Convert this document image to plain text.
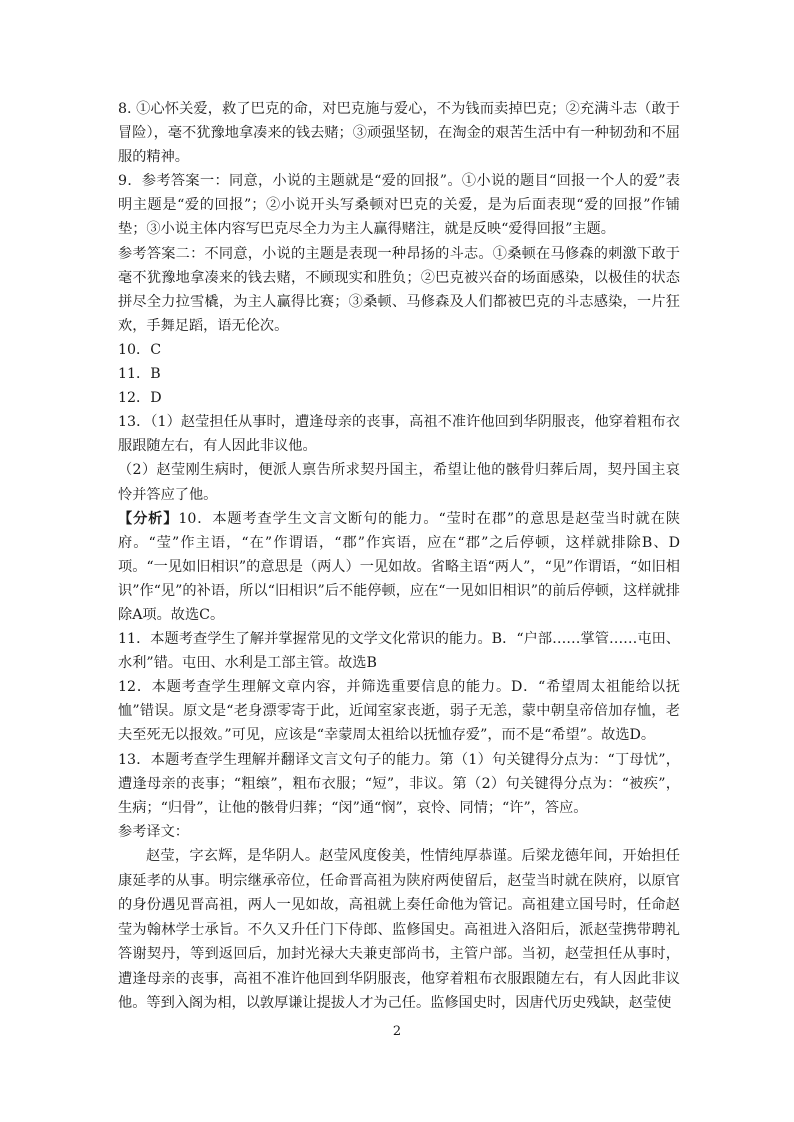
8. ①心怀关爱，救了巴克的命，对巴克施与爱心，不为钱而卖掉巴克；②充满斗志（敢于冒险），毫不犹豫地拿凑来的钱去赌；③顽强坚韧，在淘金的艰苦生活中有一种韧劲和不屈服的精神。

9．参考答案一：同意，小说的主题就是“爱的回报”。①小说的题目“回报一个人的爱”表明主题是“爱的回报”；②小说开头写桑顿对巴克的关爱，是为后面表现“爱的回报”作铺垫；③小说主体内容写巴克尽全力为主人赢得赌注，就是反映“爱得回报”主题。

参考答案二：不同意，小说的主题是表现一种昂扬的斗志。①桑顿在马修森的刺激下敢于毫不犹豫地拿凑来的钱去赌，不顾现实和胜负；②巴克被兴奋的场面感染，以极佳的状态拼尽全力拉雪橇，为主人赢得比赛；③桑顿、马修森及人们都被巴克的斗志感染，一片狂欢，手舞足蹈，语无伦次。

10．C

11．B

12．D

13．（1）赵莹担任从事时，遭逢母亲的丧事，高祖不准许他回到华阴服丧，他穿着粗布衣服跟随左右，有人因此非议他。

（2）赵莹刚生病时，便派人禀告所求契丹国主，希望让他的骸骨归葬后周，契丹国主哀怜并答应了他。

【分析】10．本题考查学生文言文断句的能力。“莹时在郡”的意思是赵莹当时就在陕府。“莹”作主语，“在”作谓语，“郡”作宾语，应在“郡”之后停顿，这样就排除B、D项。“一见如旧相识”的意思是（两人）一见如故。省略主语“两人”，“见”作谓语，“如旧相识”作“见”的补语，所以“旧相识”后不能停顿，应在“一见如旧相识”的前后停顿，这样就排除A项。故选C。

11．本题考查学生了解并掌握常见的文学文化常识的能力。B．“户部……掌管……屯田、水利”错。屯田、水利是工部主管。故选B

12．本题考查学生理解文章内容，并筛选重要信息的能力。D．“希望周太祖能给以抚恤”错误。原文是“老身漂零寄于此，近闻室家丧逝，弱子无恙，蒙中朝皇帝倍加存恤，老夫至死无以报效。”可见，应该是“幸蒙周太祖给以抚恤存爱”，而不是“希望”。故选D。

13．本题考查学生理解并翻译文言文句子的能力。第（1）句关键得分点为：“丁母忧”，遭逢母亲的丧事；“粗缞”，粗布衣服；“短”，非议。第（2）句关键得分点为：“被疾”，生病；“归骨”，让他的骸骨归葬；“闵”通“悯”，哀怜、同情；“许”，答应。

参考译文：

赵莹，字玄辉，是华阴人。赵莹风度俊美，性情纯厚恭谨。后梁龙德年间，开始担任康延孝的从事。明宗继承帝位，任命晋高祖为陕府两使留后，赵莹当时就在陕府，以原官的身份遇见晋高祖，两人一见如故，高祖就上奏任命他为管记。高祖建立国号时，任命赵莹为翰林学士承旨。不久又升任门下侍郎、监修国史。高祖进入洛阳后，派赵莹携带聘礼答谢契丹，等到返回后，加封光禄大夫兼吏部尚书，主管户部。当初，赵莹担任从事时，遭逢母亲的丧事，高祖不准许他回到华阴服丧，他穿着粗布衣服跟随左右，有人因此非议他。等到入阁为相，以敦厚谦让提拔人才为己任。监修国史时，因唐代历史残缺，赵莹使

2
